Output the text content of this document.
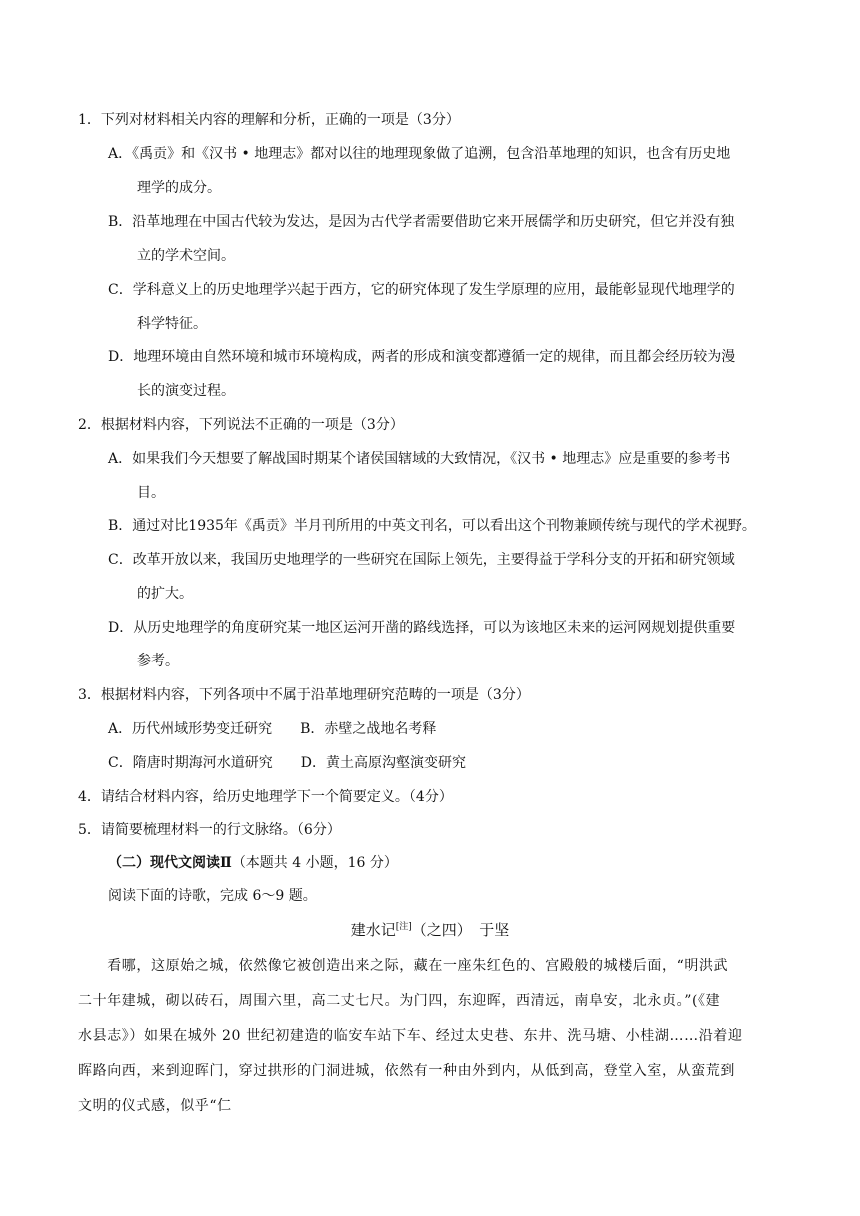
1．下列对材料相关内容的理解和分析，正确的一项是（3分）
A．《禹贡》和《汉书 • 地理志》都对以往的地理现象做了追溯，包含沿革地理的知识，也含有历史地
理学的成分。
B．沿革地理在中国古代较为发达，是因为古代学者需要借助它来开展儒学和历史研究，但它并没有独
立的学术空间。
C．学科意义上的历史地理学兴起于西方，它的研究体现了发生学原理的应用，最能彰显现代地理学的
科学特征。
D．地理环境由自然环境和城市环境构成，两者的形成和演变都遵循一定的规律，而且都会经历较为漫
长的演变过程。
2．根据材料内容，下列说法不正确的一项是（3分）
A．如果我们今天想要了解战国时期某个诸侯国辖域的大致情况，《汉书 • 地理志》应是重要的参考书
目。
B．通过对比1935年《禹贡》半月刊所用的中英文刊名，可以看出这个刊物兼顾传统与现代的学术视野。
C．改革开放以来，我国历史地理学的一些研究在国际上领先，主要得益于学科分支的开拓和研究领域
的扩大。
D．从历史地理学的角度研究某一地区运河开凿的路线选择，可以为该地区未来的运河网规划提供重要
参考。
3．根据材料内容，下列各项中不属于沿革地理研究范畴的一项是（3分）
A．历代州域形势变迁研究 B．赤壁之战地名考释
C．隋唐时期海河水道研究 D．黄土高原沟壑演变研究
4．请结合材料内容，给历史地理学下一个简要定义。（4分）
5．请简要梳理材料一的行文脉络。（6分）
（二）现代文阅读Ⅱ（本题共 4 小题，16 分）
阅读下面的诗歌，完成 6～9 题。
建水记[注]（之四）　于坚
　　看哪，这原始之城，依然像它被创造出来之际，藏在一座朱红色的、宫殿般的城楼后面，“明洪武
二十年建城，砌以砖石，周围六里，高二丈七尺。为门四，东迎晖，西清远，南阜安，北永贞。”(《建
水县志》）如果在城外 20 世纪初建造的临安车站下车、经过太史巷、东井、洗马塘、小桂湖……沿着迎
晖路向西，来到迎晖门，穿过拱形的门洞进城，依然有一种由外到内，从低到高，登堂入室，从蛮荒到
文明的仪式感，似乎“仁
